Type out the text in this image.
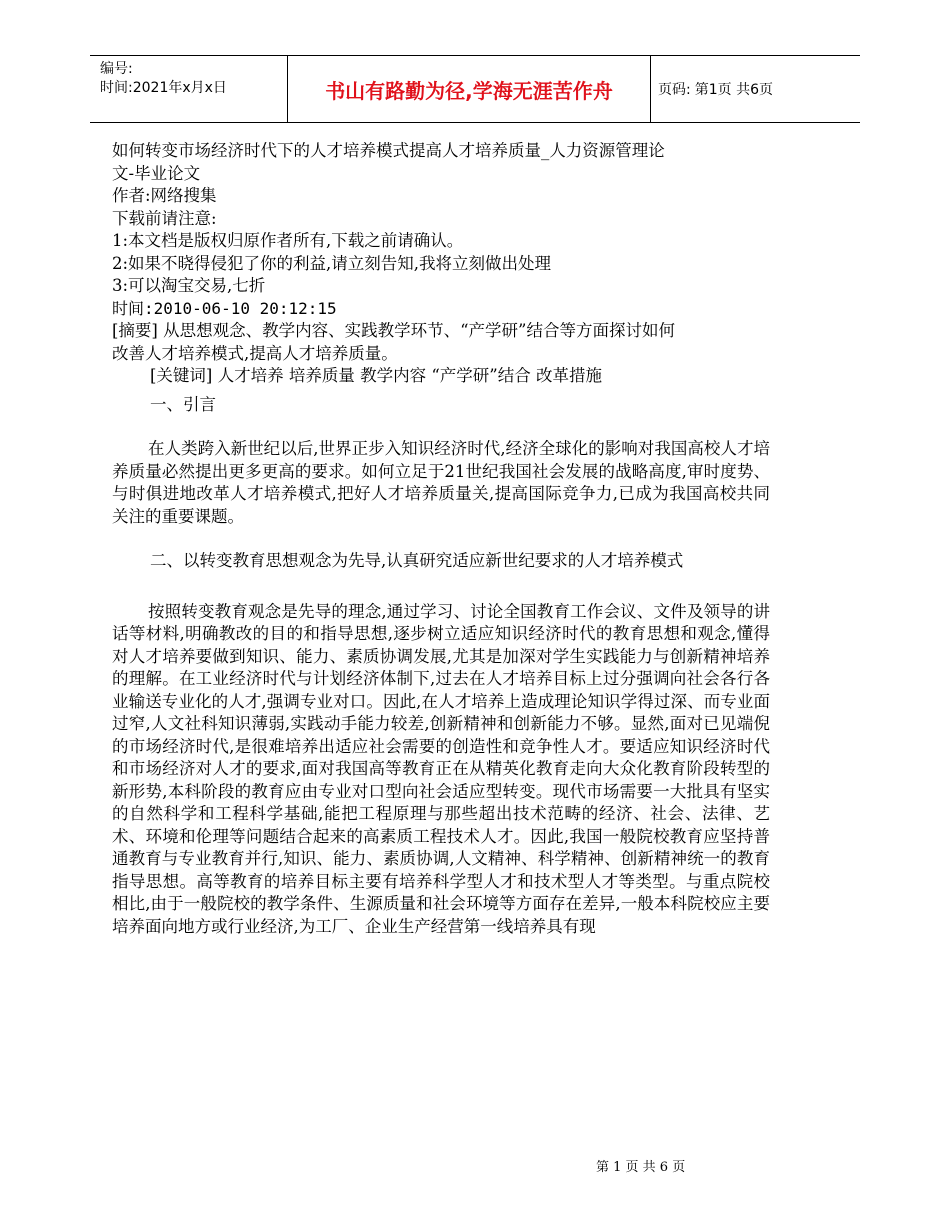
编号:
时间:2021年x月x日	书山有路勤为径,学海无涯苦作舟	页码: 第1页 共6页
如何转变市场经济时代下的人才培养模式提高人才培养质量_人力资源管理论
文-毕业论文
作者:网络搜集
下载前请注意:
1:本文档是版权归原作者所有,下载之前请确认。
2:如果不晓得侵犯了你的利益,请立刻告知,我将立刻做出处理
3:可以淘宝交易,七折
时间:2010-06-10 20:12:15
[摘要] 从思想观念、教学内容、实践教学环节、“产学研”结合等方面探讨如何
改善人才培养模式,提高人才培养质量。
[关键词] 人才培养 培养质量 教学内容 “产学研”结合 改革措施
一、引言
在人类跨入新世纪以后,世界正步入知识经济时代,经济全球化的影响对我国高校人才培养质量必然提出更多更高的要求。如何立足于21世纪我国社会发展的战略高度,审时度势、与时俱进地改革人才培养模式,把好人才培养质量关,提高国际竞争力,已成为我国高校共同关注的重要课题。
二、以转变教育思想观念为先导,认真研究适应新世纪要求的人才培养模式
按照转变教育观念是先导的理念,通过学习、讨论全国教育工作会议、文件及领导的讲话等材料,明确教改的目的和指导思想,逐步树立适应知识经济时代的教育思想和观念,懂得对人才培养要做到知识、能力、素质协调发展,尤其是加深对学生实践能力与创新精神培养的理解。在工业经济时代与计划经济体制下,过去在人才培养目标上过分强调向社会各行各业输送专业化的人才,强调专业对口。因此,在人才培养上造成理论知识学得过深、而专业面过窄,人文社科知识薄弱,实践动手能力较差,创新精神和创新能力不够。显然,面对已见端倪的市场经济时代,是很难培养出适应社会需要的创造性和竞争性人才。要适应知识经济时代和市场经济对人才的要求,面对我国高等教育正在从精英化教育走向大众化教育阶段转型的新形势,本科阶段的教育应由专业对口型向社会适应型转变。现代市场需要一大批具有坚实的自然科学和工程科学基础,能把工程原理与那些超出技术范畴的经济、社会、法律、艺术、环境和伦理等问题结合起来的高素质工程技术人才。因此,我国一般院校教育应坚持普通教育与专业教育并行,知识、能力、素质协调,人文精神、科学精神、创新精神统一的教育指导思想。高等教育的培养目标主要有培养科学型人才和技术型人才等类型。与重点院校相比,由于一般院校的教学条件、生源质量和社会环境等方面存在差异,一般本科院校应主要培养面向地方或行业经济,为工厂、企业生产经营第一线培养具有现
第 1 页 共 6 页
